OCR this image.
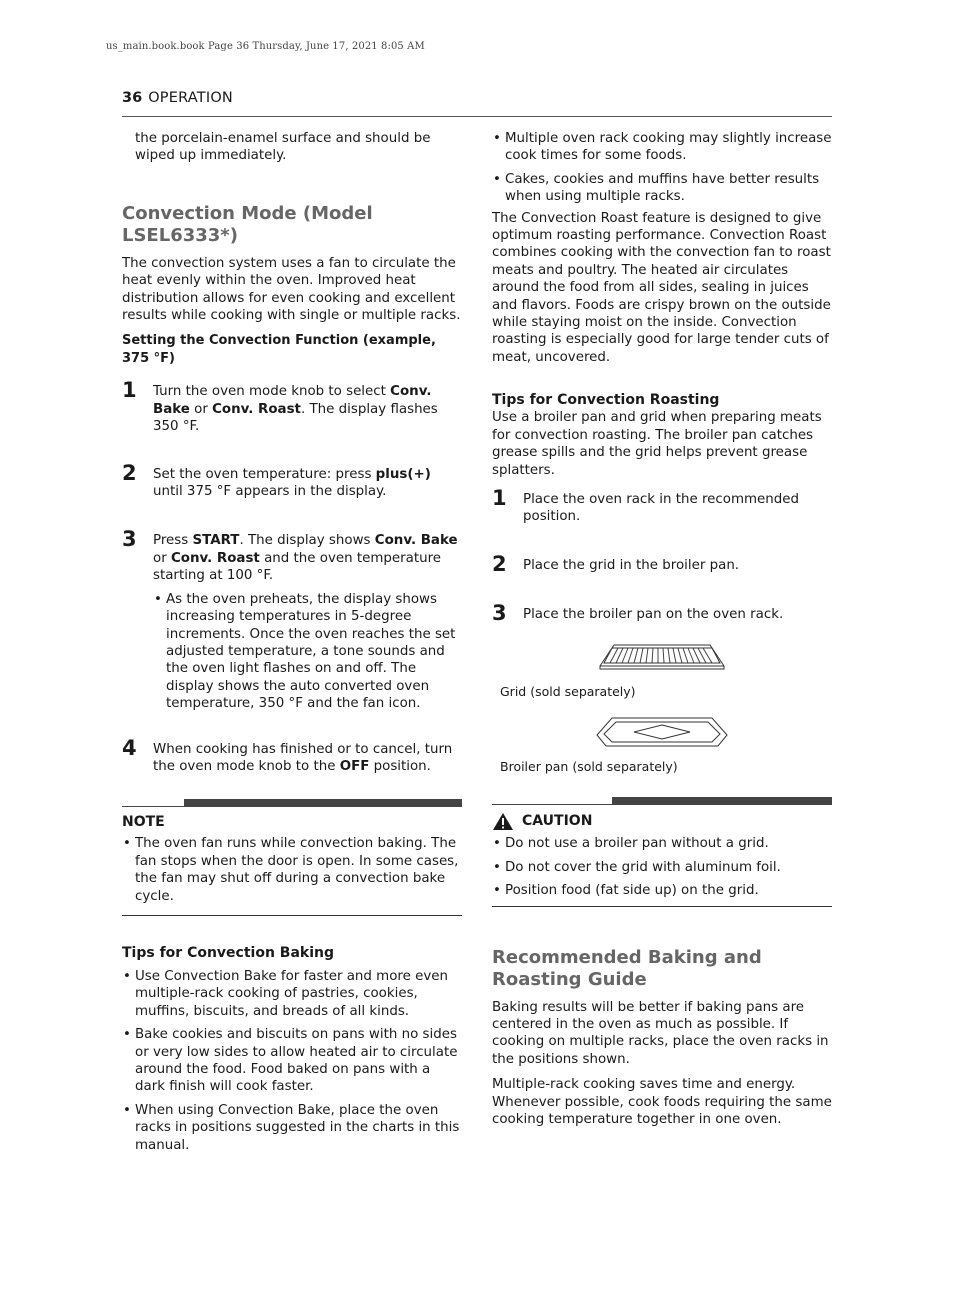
us_main.book.book Page 36 Thursday, June 17, 2021 8:05 AM
36 OPERATION

the porcelain-enamel surface and should be wiped up immediately.

Convection Mode (Model LSEL6333*)

The convection system uses a fan to circulate the heat evenly within the oven. Improved heat distribution allows for even cooking and excellent results while cooking with single or multiple racks.

Setting the Convection Function (example, 375 °F)
1	Turn the oven mode knob to select Conv. Bake or Conv. Roast. The display flashes 350 °F.
2	Set the oven temperature: press plus(+) until 375 °F appears in the display.
3	Press START. The display shows Conv. Bake or Conv. Roast and the oven temperature starting at 100 °F.
• As the oven preheats, the display shows increasing temperatures in 5-degree increments. Once the oven reaches the set adjusted temperature, a tone sounds and the oven light flashes on and off. The display shows the auto converted oven temperature, 350 °F and the fan icon.
4	When cooking has finished or to cancel, turn the oven mode knob to the OFF position.
NOTE
• The oven fan runs while convection baking. The fan stops when the door is open. In some cases, the fan may shut off during a convection bake cycle.
Tips for Convection Baking
• Use Convection Bake for faster and more even multiple-rack cooking of pastries, cookies, muffins, biscuits, and breads of all kinds.
• Bake cookies and biscuits on pans with no sides or very low sides to allow heated air to circulate around the food. Food baked on pans with a dark finish will cook faster.
• When using Convection Bake, place the oven racks in positions suggested in the charts in this manual.
• Multiple oven rack cooking may slightly increase cook times for some foods.
• Cakes, cookies and muffins have better results when using multiple racks.

The Convection Roast feature is designed to give optimum roasting performance. Convection Roast combines cooking with the convection fan to roast meats and poultry. The heated air circulates around the food from all sides, sealing in juices and flavors. Foods are crispy brown on the outside while staying moist on the inside. Convection roasting is especially good for large tender cuts of meat, uncovered.

Tips for Convection Roasting

Use a broiler pan and grid when preparing meats for convection roasting. The broiler pan catches grease spills and the grid helps prevent grease splatters.

1	Place the oven rack in the recommended position.
2	Place the grid in the broiler pan.
3	Place the broiler pan on the oven rack.
Grid (sold separately)
Broiler pan (sold separately)
CAUTION
• Do not use a broiler pan without a grid.
• Do not cover the grid with aluminum foil.
• Position food (fat side up) on the grid.
Recommended Baking and Roasting Guide

Baking results will be better if baking pans are centered in the oven as much as possible. If cooking on multiple racks, place the oven racks in the positions shown.

Multiple-rack cooking saves time and energy. Whenever possible, cook foods requiring the same cooking temperature together in one oven.
